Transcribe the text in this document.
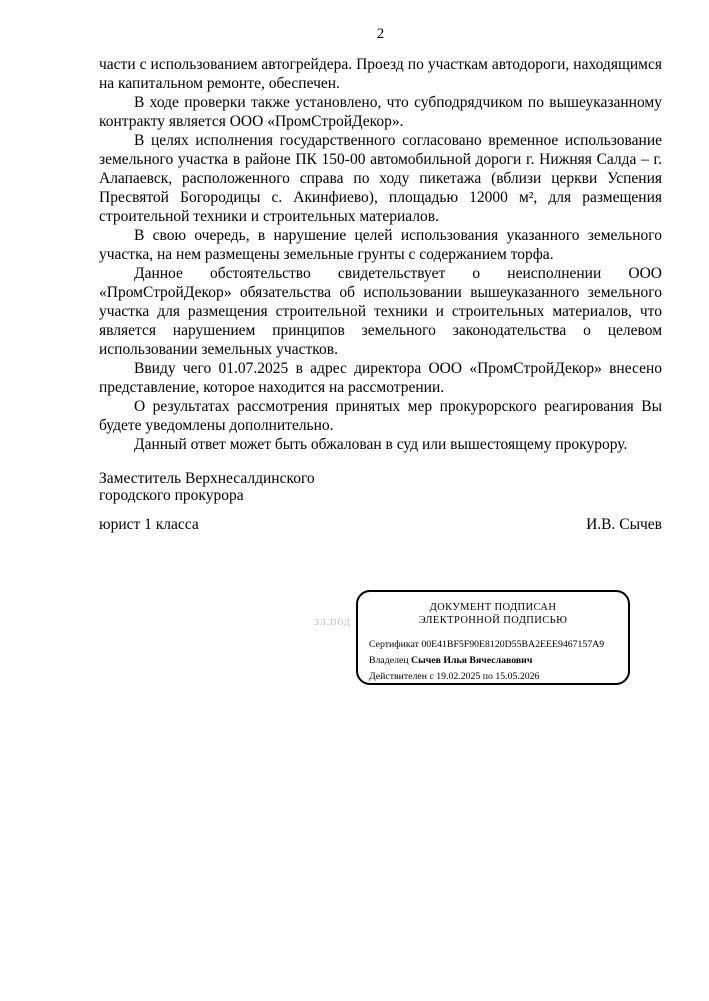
2

части с использованием автогрейдера. Проезд по участкам автодороги, находящимся на капитальном ремонте, обеспечен.

В ходе проверки также установлено, что субподрядчиком по вышеуказанному контракту является ООО «ПромСтройДекор».

В целях исполнения государственного согласовано временное использование земельного участка в районе ПК 150-00 автомобильной дороги г. Нижняя Салда – г. Алапаевск, расположенного справа по ходу пикетажа (вблизи церкви Успения Пресвятой Богородицы с. Акинфиево), площадью 12000 м², для размещения строительной техники и строительных материалов.

В свою очередь, в нарушение целей использования указанного земельного участка, на нем размещены земельные грунты с содержанием торфа.

Данное обстоятельство свидетельствует о неисполнении ООО «ПромСтройДекор» обязательства об использовании вышеуказанного земельного участка для размещения строительной техники и строительных материалов, что является нарушением принципов земельного законодательства о целевом использовании земельных участков.

Ввиду чего 01.07.2025 в адрес директора ООО «ПромСтройДекор» внесено представление, которое находится на рассмотрении.

О результатах рассмотрения принятых мер прокурорского реагирования Вы будете уведомлены дополнительно.

Данный ответ может быть обжалован в суд или вышестоящему прокурору.

Заместитель Верхнесалдинского
городского прокурора
юрист 1 класса	И.В. Сычев
эл.под
ДОКУМЕНТ ПОДПИСАН
ЭЛЕКТРОННОЙ ПОДПИСЬЮ
Сертификат 00E41BF5F90E8120D55BA2EEE9467157A9
Владелец Сычев Илья Вячеславович
Действителен с 19.02.2025 по 15.05.2026
